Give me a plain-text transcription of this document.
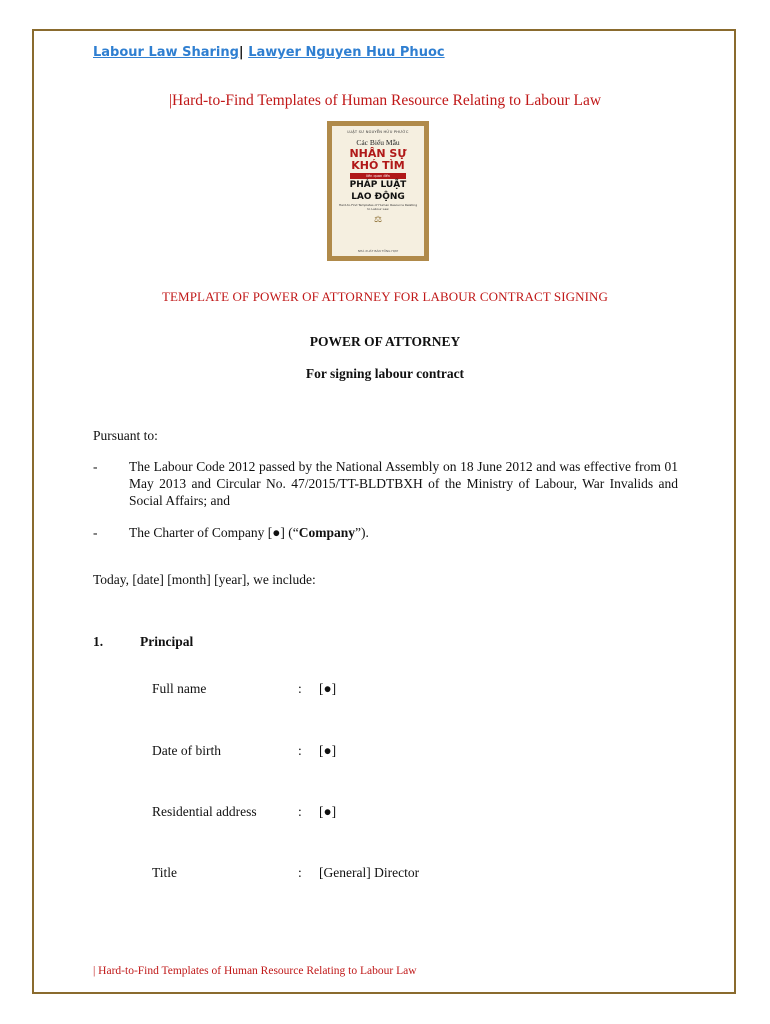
Labour Law Sharing| Lawyer Nguyen Huu Phuoc
|Hard-to-Find Templates of Human Resource Relating to Labour Law
LUẬT SƯ NGUYỄN HỮU PHƯỚC
Các Biểu Mẫu
NHÂN SỰ
KHÓ TÌM
liên quan đến
PHÁP LUẬT
LAO ĐỘNG
Hard-to-Find Templates of Human Resource Relating to Labour Law
⚖
NHÀ XUẤT BẢN TỔNG HỢP
TEMPLATE OF POWER OF ATTORNEY FOR LABOUR CONTRACT SIGNING
POWER OF ATTORNEY
For signing labour contract
Pursuant to:
- The Labour Code 2012 passed by the National Assembly on 18 June 2012 and was effective from 01 May 2013 and Circular No. 47/2015/TT-BLDTBXH of the Ministry of Labour, War Invalids and Social Affairs; and
- The Charter of Company [●] (“Company”).
Today, [date] [month] [year], we include:
1.	Principal
Full name	: [●]
Date of birth	: [●]
Residential address	: [●]
Title	: [General] Director
| Hard-to-Find Templates of Human Resource Relating to Labour Law
